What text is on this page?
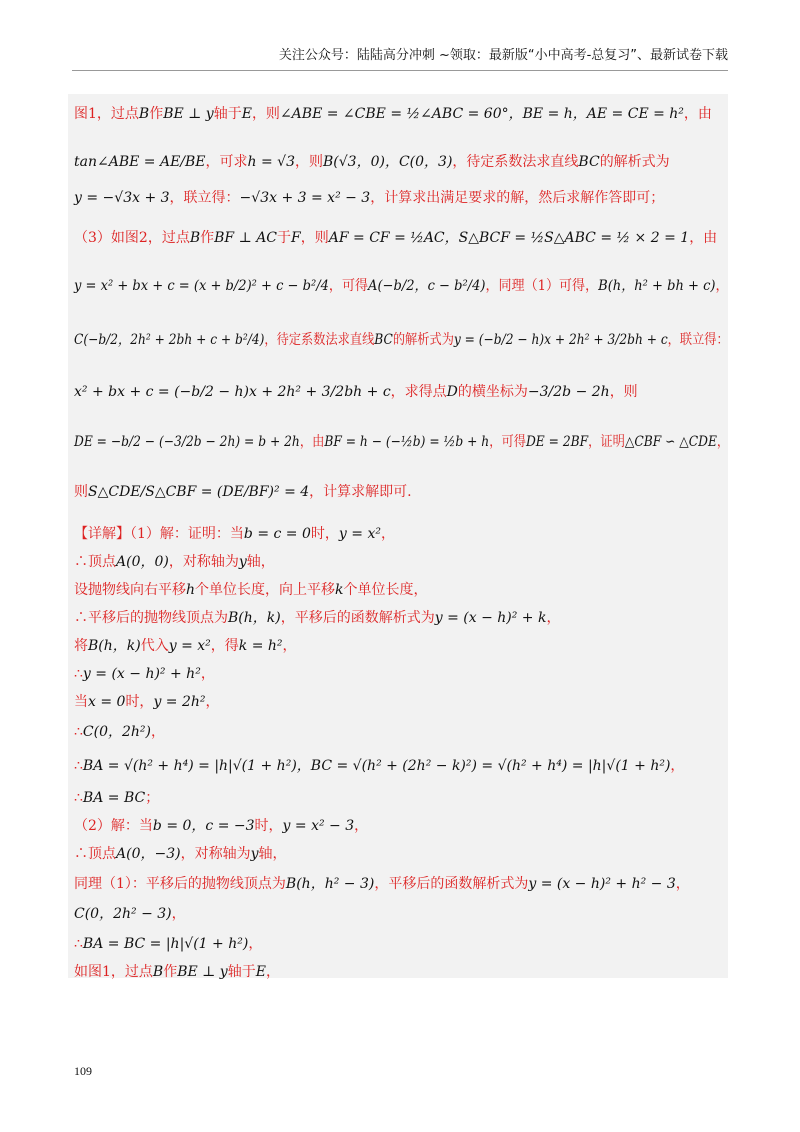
关注公众号：陆陆高分冲刺 ~领取：最新版“小中高考-总复习”、最新试卷下载
图1，过点B作BE ⊥ y轴于E，则∠ABE = ∠CBE = ½∠ABC = 60°，BE = h，AE = CE = h²，由
tan∠ABE = AE/BE，可求h = √3，则B(√3，0)，C(0，3)，待定系数法求直线BC的解析式为
y = −√3x + 3，联立得：−√3x + 3 = x² − 3，计算求出满足要求的解，然后求解作答即可；
（3）如图2，过点B作BF ⊥ AC于F，则AF = CF = ½AC，S△BCF = ½S△ABC = ½ × 2 = 1，由
y = x² + bx + c = (x + b/2)² + c − b²/4，可得A(−b/2，c − b²/4)，同理（1）可得，B(h，h² + bh + c)，
C(−b/2，2h² + 2bh + c + b²/4)，待定系数法求直线BC的解析式为y = (−b/2 − h)x + 2h² + 3/2bh + c，联立得：
x² + bx + c = (−b/2 − h)x + 2h² + 3/2bh + c，求得点D的横坐标为−3/2b − 2h，则
DE = −b/2 − (−3/2b − 2h) = b + 2h，由BF = h − (−½b) = ½b + h，可得DE = 2BF，证明△CBF ∽ △CDE，
则S△CDE/S△CBF = (DE/BF)² = 4，计算求解即可.
【详解】（1）解：证明：当b = c = 0时，y = x²，
∴顶点A(0，0)，对称轴为y轴，
设抛物线向右平移h个单位长度，向上平移k个单位长度，
∴平移后的抛物线顶点为B(h，k)，平移后的函数解析式为y = (x − h)² + k，
将B(h，k)代入y = x²，得k = h²，
∴y = (x − h)² + h²，
当x = 0时，y = 2h²，
∴C(0，2h²)，
∴BA = √(h² + h⁴) = |h|√(1 + h²)，BC = √(h² + (2h² − k)²) = √(h² + h⁴) = |h|√(1 + h²)，
∴BA = BC；
（2）解：当b = 0，c = −3时，y = x² − 3，
∴顶点A(0，−3)，对称轴为y轴，
同理（1）：平移后的抛物线顶点为B(h，h² − 3)，平移后的函数解析式为y = (x − h)² + h² − 3，
C(0，2h² − 3)，
∴BA = BC = |h|√(1 + h²)，
如图1，过点B作BE ⊥ y轴于E，
109
